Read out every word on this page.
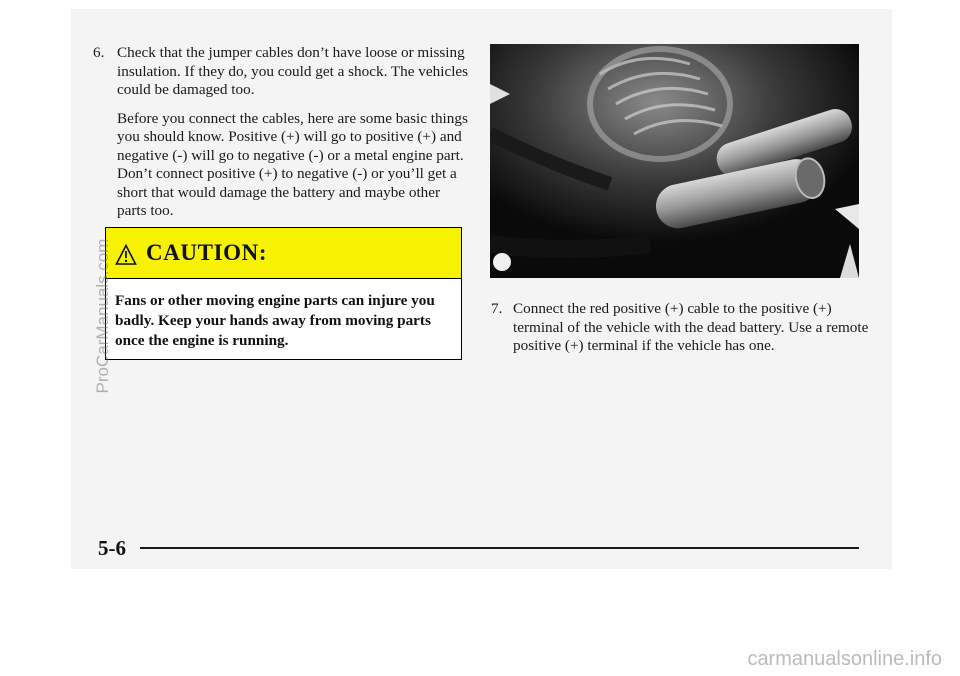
6. Check that the jumper cables don’t have loose or missing insulation. If they do, you could get a shock. The vehicles could be damaged too.

Before you connect the cables, here are some basic things you should know. Positive (+) will go to positive (+) and negative (-) will go to negative (-) or a metal engine part. Don’t connect positive (+) to negative (-) or you’ll get a short that would damage the battery and maybe other parts too.

CAUTION:
Fans or other moving engine parts can injure you badly. Keep your hands away from moving parts once the engine is running.
7. Connect the red positive (+) cable to the positive (+) terminal of the vehicle with the dead battery. Use a remote positive (+) terminal if the vehicle has one.
5-6
ProCarManuals.com
carmanualsonline.info
